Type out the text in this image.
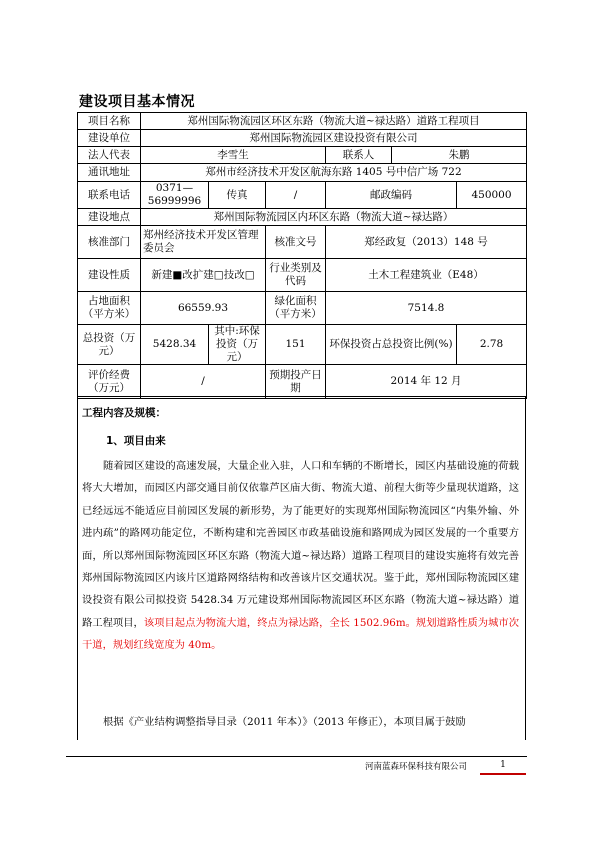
建设项目基本情况
项目名称	郑州国际物流园区环区东路（物流大道~禄达路）道路工程项目					
建设单位	郑州国际物流园区建设投资有限公司					
法人代表	李雪生			联系人	朱鹏	
通讯地址	郑州市经济技术开发区航海东路 1405 号中信广场 722					
联系电话	0371—56999996	传真	/	邮政编码		450000
建设地点	郑州国际物流园区内环区东路（物流大道~禄达路）					
核准部门	郑州经济技术开发区管理委员会		核准文号	郑经政复（2013）148 号		
建设性质	新建■改扩建□技改□		行业类别及代码	土木工程建筑业（E48）		
占地面积（平方米）	66559.93		绿化面积（平方米）	7514.8		
总投资（万元）	5428.34	其中:环保投资（万元）	151	环保投资占总投资比例(%)		2.78
评价经费（万元）	/		预期投产日期	2014 年 12 月		
工程内容及规模：
1、项目由来

随着园区建设的高速发展，大量企业入驻，人口和车辆的不断增长，园区内基础设施的荷载将大大增加，而园区内部交通目前仅依靠芦区庙大街、物流大道、前程大街等少量现状道路，这已经远远不能适应目前园区发展的新形势，为了能更好的实现郑州国际物流园区“内集外输、外进内疏”的路网功能定位，不断构建和完善园区市政基础设施和路网成为园区发展的一个重要方面，所以郑州国际物流园区环区东路（物流大道~禄达路）道路工程项目的建设实施将有效完善郑州国际物流园区内该片区道路网络结构和改善该片区交通状况。鉴于此，郑州国际物流园区建设投资有限公司拟投资 5428.34 万元建设郑州国际物流园区环区东路（物流大道~禄达路）道路工程项目，该项目起点为物流大道，终点为禄达路，全长 1502.96m。规划道路性质为城市次干道，规划红线宽度为 40m。

根据《产业结构调整指导目录（2011 年本）》（2013 年修正），本项目属于鼓励

河南蓝森环保科技有限公司	1
